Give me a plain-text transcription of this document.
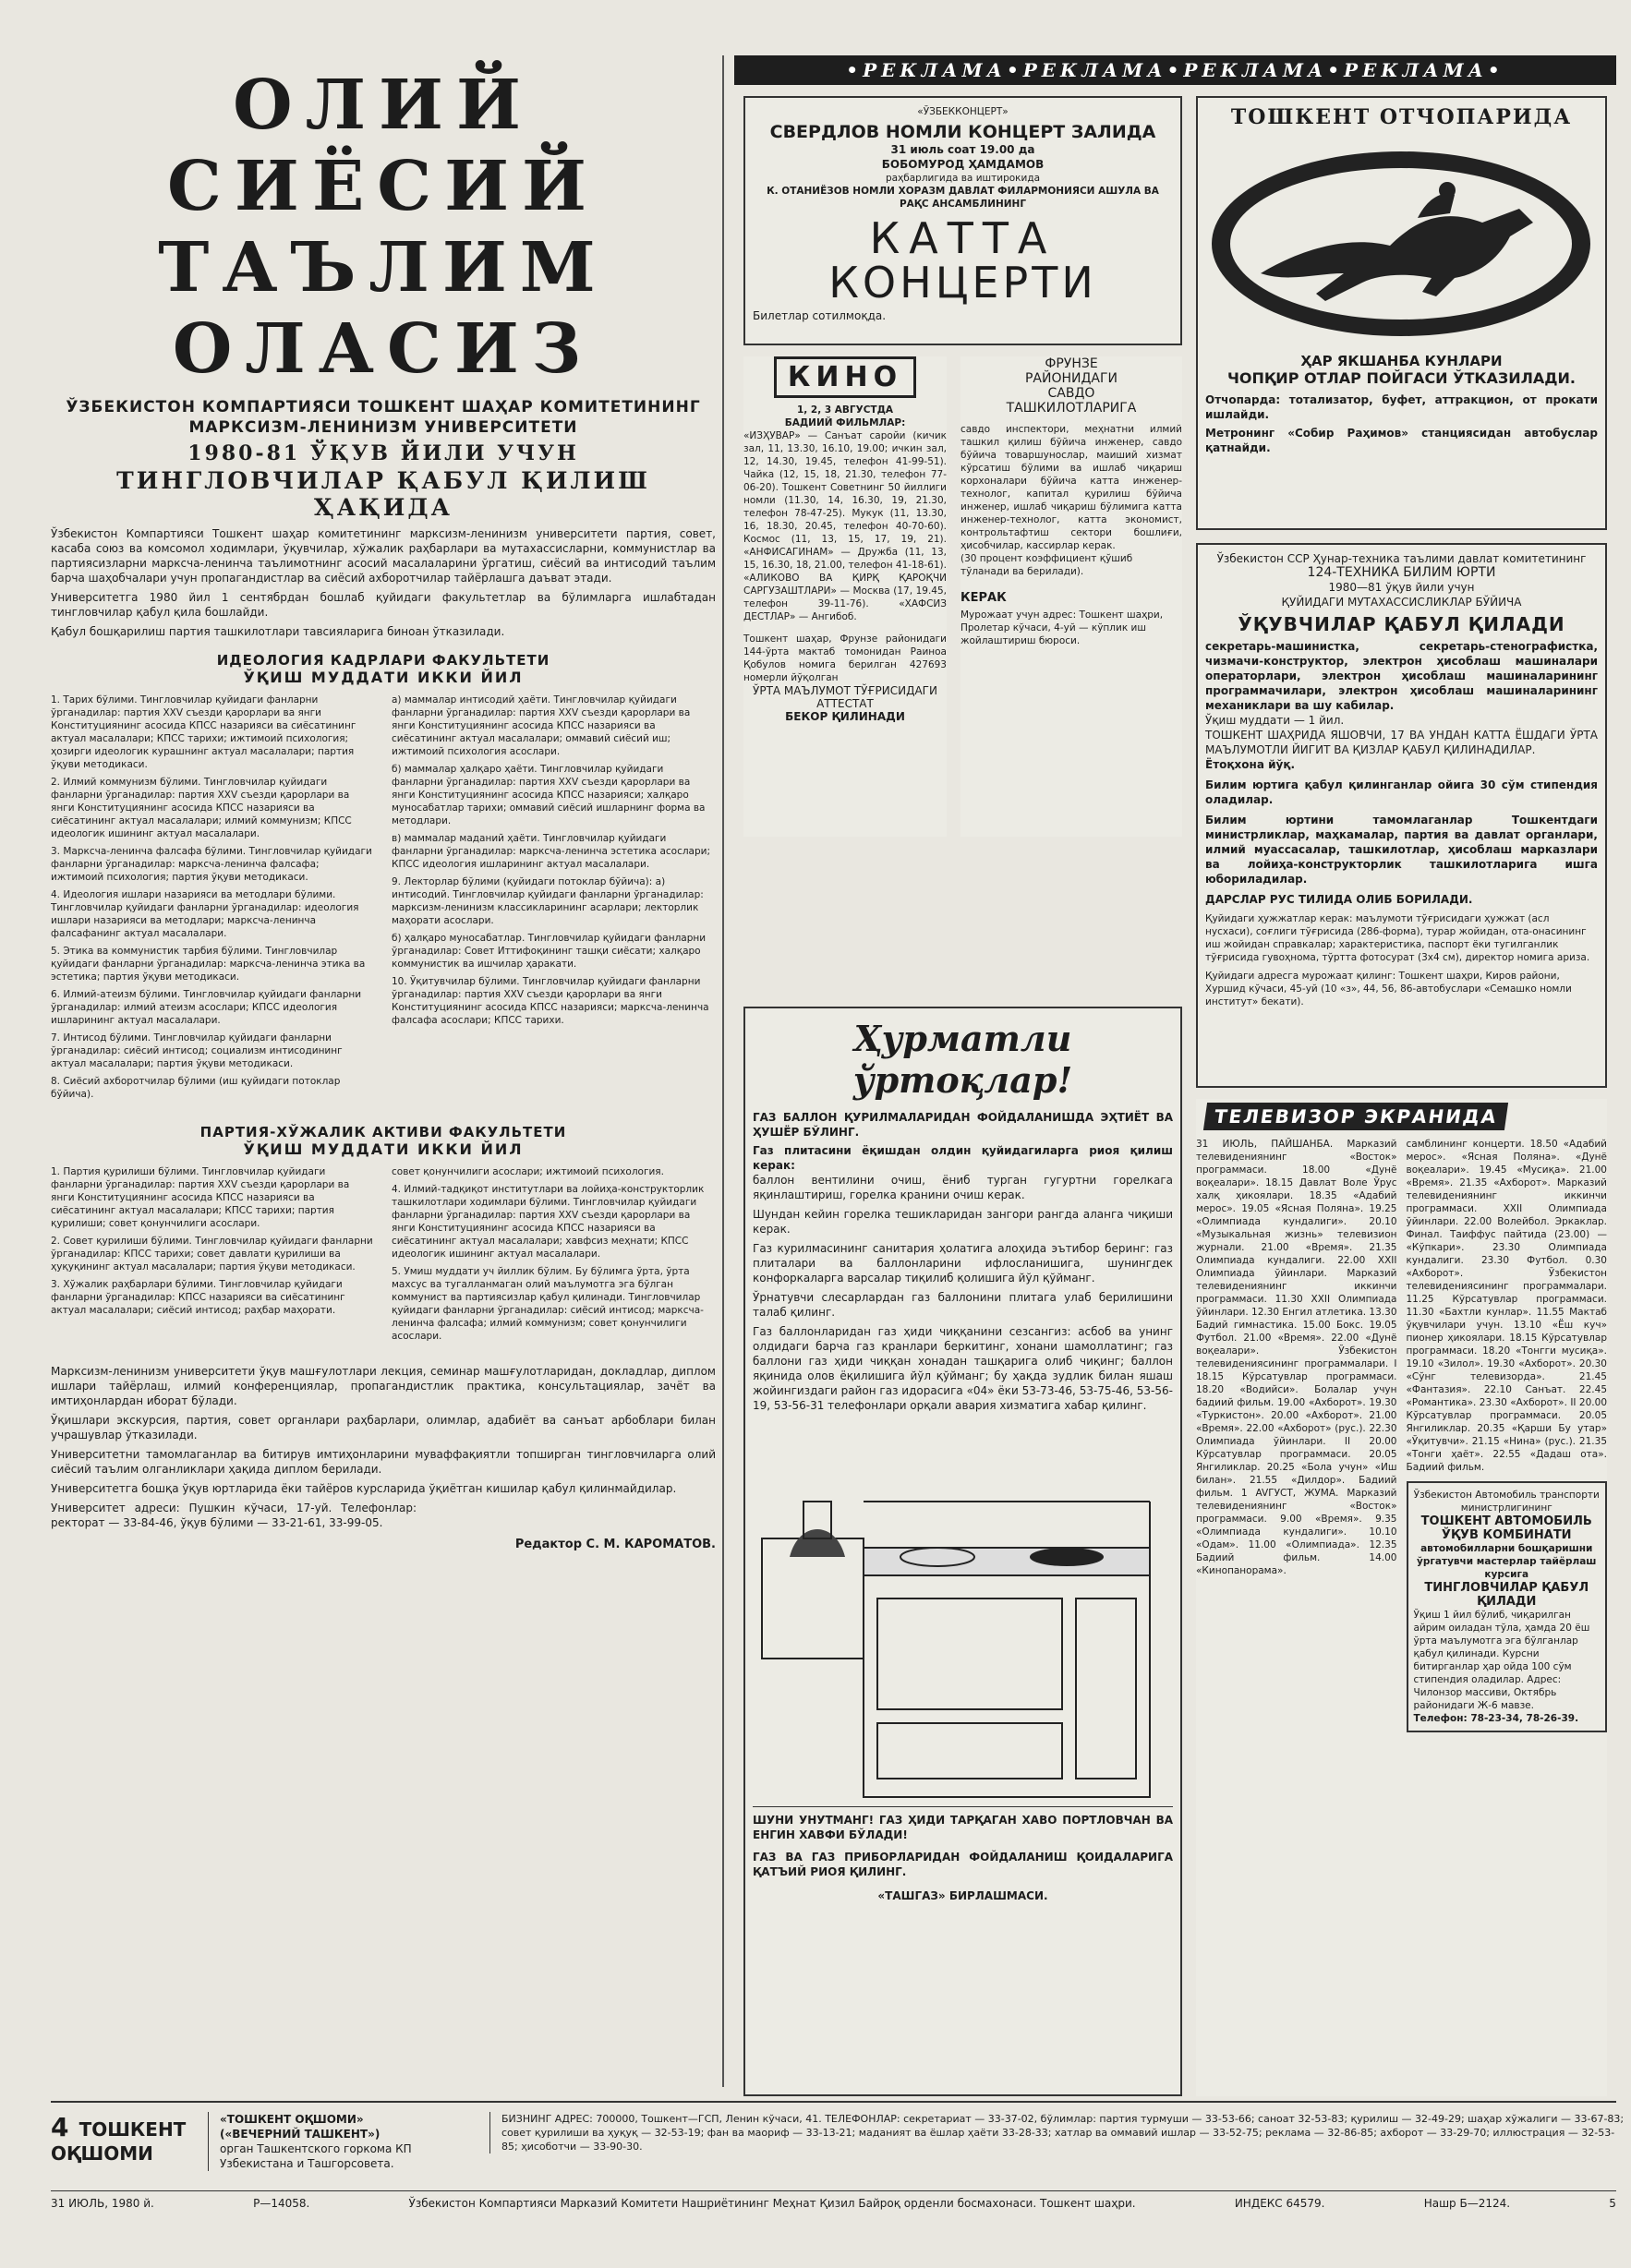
ОЛИЙ СИЁСИЙ
ТАЪЛИМ ОЛАСИЗ
ЎЗБЕКИСТОН КОМПАРТИЯСИ ТОШКЕНТ ШАҲАР КОМИТЕТИНИНГ
МАРКСИЗМ-ЛЕНИНИЗМ УНИВЕРСИТЕТИ
1980-81 ЎҚУВ ЙИЛИ УЧУН
ТИНГЛОВЧИЛАР ҚАБУЛ ҚИЛИШ ҲАҚИДА
Ўзбекистон Компартияси Тошкент шаҳар комитетининг марксизм-ленинизм университети партия, совет, касаба союз ва комсомол ходимлари, ўқувчилар, хўжалик раҳбарлари ва мутахассисларни, коммунистлар ва партиясизларни марксча-ленинча таълимотнинг асосий масалаларини ўргатиш, сиёсий ва интисодий таълим барча шаҳобчалари учун пропагандистлар ва сиёсий ахборотчилар тайёрлашга даъват этади.
Университетга 1980 йил 1 сентябрдан бошлаб қуйидаги факультетлар ва бўлимларга ишлабтадан тингловчилар қабул қила бошлайди.
Қабул бошқарилиш партия ташкилотлари тавсияларига биноан ўтказилади.
ИДЕОЛОГИЯ КАДРЛАРИ ФАКУЛЬТЕТИ
ЎҚИШ МУДДАТИ ИККИ ЙИЛ

1. Тарих бўлими. Тингловчилар қуйидаги фанларни ўрганадилар: партия XXV съезди қарорлари ва янги Конституциянинг асосида КПСС назарияси ва сиёсатининг актуал масалалари; КПСС тарихи; ижтимоий психология; ҳозирги идеологик курашнинг актуал масалалари; партия ўқуви методикаси.

2. Илмий коммунизм бўлими. Тингловчилар қуйидаги фанларни ўрганадилар: партия XXV съезди қарорлари ва янги Конституциянинг асосида КПСС назарияси ва сиёсатининг актуал масалалари; илмий коммунизм; КПСС идеологик ишининг актуал масалалари.

3. Марксча-ленинча фалсафа бўлими. Тингловчилар қуйидаги фанларни ўрганадилар: марксча-ленинча фалсафа; ижтимоий психология; партия ўқуви методикаси.

4. Идеология ишлари назарияси ва методлари бўлими. Тингловчилар қуйидаги фанларни ўрганадилар: идеология ишлари назарияси ва методлари; марксча-ленинча фалсафанинг актуал масалалари.

5. Этика ва коммунистик тарбия бўлими. Тингловчилар қуйидаги фанларни ўрганадилар: марксча-ленинча этика ва эстетика; партия ўқуви методикаси.

6. Илмий-атеизм бўлими. Тингловчилар қуйидаги фанларни ўрганадилар: илмий атеизм асослари; КПСС идеология ишларининг актуал масалалари.

7. Интисод бўлими. Тингловчилар қуйидаги фанларни ўрганадилар: сиёсий интисод; социализм интисодининг актуал масалалари; партия ўқуви методикаси.

8. Сиёсий ахборотчилар бўлими (иш қуйидаги потоклар бўйича).

а) маммалар интисодий ҳаёти. Тингловчилар қуйидаги фанларни ўрганадилар: партия XXV съезди қарорлари ва янги Конституциянинг асосида КПСС назарияси ва сиёсатининг актуал масалалари; оммавий сиёсий иш; ижтимоий психология асослари.

б) маммалар ҳалқаро ҳаёти. Тингловчилар қуйидаги фанларни ўрганадилар: партия XXV съезди қарорлари ва янги Конституциянинг асосида КПСС назарияси; халқаро муносабатлар тарихи; оммавий сиёсий ишларнинг форма ва методлари.

в) маммалар маданий ҳаёти. Тингловчилар қуйидаги фанларни ўрганадилар: марксча-ленинча эстетика асослари; КПСС идеология ишларининг актуал масалалари.

9. Лекторлар бўлими (қуйидаги потоклар бўйича): а) интисодий. Тингловчилар қуйидаги фанларни ўрганадилар: марксизм-ленинизм классикларининг асарлари; лекторлик маҳорати асослари.

б) ҳалқаро муносабатлар. Тингловчилар қуйидаги фанларни ўрганадилар: Совет Иттифоқининг ташқи сиёсати; халқаро коммунистик ва ишчилар ҳаракати.

10. Ўқитувчилар бўлими. Тингловчилар қуйидаги фанларни ўрганадилар: партия XXV съезди қарорлари ва янги Конституциянинг асосида КПСС назарияси; марксча-ленинча фалсафа асослари; КПСС тарихи.

ПАРТИЯ-ХЎЖАЛИК АКТИВИ ФАКУЛЬТЕТИ
ЎҚИШ МУДДАТИ ИККИ ЙИЛ

1. Партия қурилиши бўлими. Тингловчилар қуйидаги фанларни ўрганадилар: партия XXV съезди қарорлари ва янги Конституциянинг асосида КПСС назарияси ва сиёсатининг актуал масалалари; КПСС тарихи; партия қурилиши; совет қонунчилиги асослари.

2. Совет қурилиши бўлими. Тингловчилар қуйидаги фанларни ўрганадилар: КПСС тарихи; совет давлати қурилиши ва ҳуқуқининг актуал масалалари; партия ўқуви методикаси.

3. Хўжалик раҳбарлари бўлими. Тингловчилар қуйидаги фанларни ўрганадилар: КПСС назарияси ва сиёсатининг актуал масалалари; сиёсий интисод; раҳбар маҳорати.

совет қонунчилиги асослари; ижтимоий психология.

4. Илмий-тадқиқот институтлари ва лойиҳа-конструкторлик ташкилотлари ходимлари бўлими. Тингловчилар қуйидаги фанларни ўрганадилар: партия XXV съезди қарорлари ва янги Конституциянинг асосида КПСС назарияси ва сиёсатининг актуал масалалари; хавфсиз меҳнати; КПСС идеологик ишининг актуал масалалари.

5. Умиш муддати уч йиллик бўлим. Бу бўлимга ўрта, ўрта махсус ва тугалланмаган олий маълумотга эга бўлган коммунист ва партиясизлар қабул қилинади. Тингловчилар қуйидаги фанларни ўрганадилар: сиёсий интисод; марксча-ленинча фалсафа; илмий коммунизм; совет қонунчилиги асослари.

Марксизм-ленинизм университети ўқув машғулотлари лекция, семинар машғулотларидан, докладлар, диплом ишлари тайёрлаш, илмий конференциялар, пропагандистлик практика, консультациялар, зачёт ва имтиҳонлардан иборат бўлади.

Ўқишлари экскурсия, партия, совет органлари раҳбарлари, олимлар, адабиёт ва санъат арбоблари билан учрашувлар ўтказилади.

Университетни тамомлаганлар ва битирув имтиҳонларини муваффақиятли топширган тингловчиларга олий сиёсий таълим олганликлари ҳақида диплом берилади.

Университетга бошқа ўқув юртларида ёки тайёров курсларида ўқиётган кишилар қабул қилинмайдилар.

Университет адреси: Пушкин кўчаси, 17-уй. Телефонлар: ректорат — 33-84-46, ўқув бўлими — 33-21-61, 33-99-05.

Редактор С. М. КАРОМАТОВ.
•РЕКЛАМА•РЕКЛАМА•РЕКЛАМА•РЕКЛАМА•
«ЎЗБЕККОНЦЕРТ»
СВЕРДЛОВ НОМЛИ КОНЦЕРТ ЗАЛИДА
31 июль соат 19.00 да
БОБОМУРОД ҲАМДАМОВ
раҳбарлигида ва иштирокида
К. ОТАНИЁЗОВ НОМЛИ ХОРАЗМ ДАВЛАТ ФИЛАРМОНИЯСИ АШУЛА ВА РАҚС АНСАМБЛИНИНГ
КАТТА
КОНЦЕРТИ
Билетлар сотилмоқда.
ТОШКЕНТ ОТЧОПАРИДА
ҲАР ЯКШАНБА КУНЛАРИ
ЧОПҚИР ОТЛАР ПОЙГАСИ ЎТКАЗИЛАДИ.
Отчопарда: тотализатор, буфет, аттракцион, от прокати ишлайди.
Метронинг «Собир Раҳимов» станциясидан автобуслар қатнайди.
КИНО
1, 2, 3 АВГУСТДА
БАДИИЙ ФИЛЬМЛАР:
«ИЗҲУВАР» — Санъат саройи (кичик зал, 11, 13.30, 16.10, 19.00; ичкин зал, 12, 14.30, 19.45, телефон 41-99-51). Чайка (12, 15, 18, 21.30, телефон 77-06-20). Тошкент Советнинг 50 йиллиги номли (11.30, 14, 16.30, 19, 21.30, телефон 78-47-25). Мукук (11, 13.30, 16, 18.30, 20.45, телефон 40-70-60). Космос (11, 13, 15, 17, 19, 21). «АНФИСАГИНАМ» — Дружба (11, 13, 15, 16.30, 18, 21.00, телефон 41-18-61). «АЛИКОВО ВА ҚИРҚ ҚАРОҚЧИ САРГУЗАШТЛАРИ» — Москва (17, 19.45, телефон 39-11-76). «ХАФСИЗ ДЕСТЛАР» — Ангибоб.
Тошкент шаҳар, Фрунзе районидаги 144-ўрта мактаб томонидан Раиноа Қобулов номига берилган 427693 номерли йўқолган
ЎРТА МАЪЛУМОТ ТЎҒРИСИДАГИ АТТЕСТАТ
БЕКОР ҚИЛИНАДИ
ФРУНЗЕ
РАЙОНИДАГИ
САВДО
ТАШКИЛОТЛАРИГА
савдо инспектори, меҳнатни илмий ташкил қилиш бўйича инженер, савдо бўйича товаршунослар, маиший хизмат кўрсатиш бўлими ва ишлаб чиқариш корхоналари бўйича катта инженер-технолог, капитал қурилиш бўйича инженер, ишлаб чиқариш бўлимига катта инженер-технолог, катта экономист, контрольтафтиш сектори бошлиғи, ҳисобчилар, кассирлар керак.
(30 процент коэффициент қўшиб тўланади ва берилади).
КЕРАК
Мурожаат учун адрес: Тошкент шаҳри, Пролетар кўчаси, 4-уй — кўплик иш жойлаштириш бюроси.
Ўзбекистон ССР Ҳунар-техника таълими давлат комитетининг
124-ТЕХНИКА БИЛИМ ЮРТИ
1980—81 ўқув йили учун
ҚУЙИДАГИ МУТАХАССИСЛИКЛАР БЎЙИЧА
ЎҚУВЧИЛАР ҚАБУЛ ҚИЛАДИ
секретарь-машинистка, секретарь-стенографистка, чизмачи-конструктор, электрон ҳисоблаш машиналари операторлари, электрон ҳисоблаш машиналарининг программачилари, электрон ҳисоблаш машиналарининг механиклари ва шу кабилар.
Ўқиш муддати — 1 йил.
ТОШКЕНТ ШАҲРИДА ЯШОВЧИ, 17 ВА УНДАН КАТТА ЁШДАГИ ЎРТА МАЪЛУМОТЛИ ЙИГИТ ВА ҚИЗЛАР ҚАБУЛ ҚИЛИНАДИЛАР.
Ётоқхона йўқ.
Билим юртига қабул қилинганлар ойига 30 сўм стипендия оладилар.
Билим юртини тамомлаганлар Тошкентдаги министрликлар, маҳкамалар, партия ва давлат органлари, илмий муассасалар, ташкилотлар, ҳисоблаш марказлари ва лойиҳа-конструкторлик ташкилотларига ишга юбориладилар.
ДАРСЛАР РУС ТИЛИДА ОЛИБ БОРИЛАДИ.
Қуйидаги ҳужжатлар керак: маълумоти тўғрисидаги ҳужжат (асл нусхаси), соғлиги тўғрисида (286-форма), турар жойидан, ота-онасининг иш жойидан справкалар; характеристика, паспорт ёки тугилганлик тўғрисида гувоҳнома, тўртта фотосурат (3x4 см), директор номига ариза.
Қуйидаги адресга мурожаат қилинг: Тошкент шаҳри, Киров райони, Хуршид кўчаси, 45-уй (10 «з», 44, 56, 86-автобуслари «Семашко номли институт» бекати).
Ҳурматли ўртоқлар!
ГАЗ БАЛЛОН ҚУРИЛМАЛАРИДАН ФОЙДАЛАНИШДА ЭҲТИЁТ ВА ҲУШЁР БЎЛИНГ.
Газ плитасини ёқишдан олдин қуйидагиларга риоя қилиш керак:

баллон вентилини очиш, ёниб турган гугуртни горелкага яқинлаштириш, горелка кранини очиш керак.

Шундан кейин горелка тешикларидан зангори рангда аланга чиқиши керак.

Газ курилмасининг санитария ҳолатига алоҳида эътибор беринг: газ плиталари ва баллонларини ифлосланишига, шунингдек конфоркаларга варсалар тиқилиб қолишига йўл қўйманг.

Ўрнатувчи слесарлардан газ баллонини плитага улаб берилишини талаб қилинг.

Газ баллонларидан газ ҳиди чиққанини сезсангиз: асбоб ва унинг олдидаги барча газ кранлари беркитинг, хонани шамоллатинг; газ баллони газ ҳиди чиққан хонадан ташқарига олиб чиқинг; баллон яқинида олов ёқилишига йўл қўйманг; бу ҳақда зудлик билан яшаш жойингиздаги район газ идорасига «04» ёки 53-73-46, 53-75-46, 53-56-19, 53-56-31 телефонлари орқали авария хизматига хабар қилинг.

ШУНИ УНУТМАНГ! ГАЗ ҲИДИ ТАРҚАГАН ХАВО ПОРТЛОВЧАН ВА ЕНГИН ХАВФИ БЎЛАДИ!
ГАЗ ВА ГАЗ ПРИБОРЛАРИДАН ФОЙДАЛАНИШ ҚОИДАЛАРИГА ҚАТЪИЙ РИОЯ ҚИЛИНГ.
«ТАШГАЗ» БИРЛАШМАСИ.
ТЕЛЕВИЗОР ЭКРАНИДА
31 ИЮЛЬ, ПАЙШАНБА. Марказий телевидениянинг «Восток» программаси. 18.00 «Дунё воқеалари». 18.15 Давлат Воле Ўрус халқ ҳикоялари. 18.35 «Адабий мерос». 19.05 «Ясная Поляна». 19.25 «Олимпиада кундалиги». 20.10 «Музыкальная жизнь» телевизион журнали. 21.00 «Время». 21.35 Олимпиада кундалиги. 22.00 XXII Олимпиада ўйинлари. Марказий телевидениянинг иккинчи программаси. 11.30 XXII Олимпиада ўйинлари. 12.30 Енгил атлетика. 13.30 Бадий гимнастика. 15.00 Бокс. 19.05 Футбол. 21.00 «Время». 22.00 «Дунё воқеалари». Ўзбекистон телевидениясининг программалари. I 18.15 Кўрсатувлар программаси. 18.20 «Водийси». Болалар учун бадиий фильм. 19.00 «Ахборот». 19.30 «Туркистон». 20.00 «Ахборот». 21.00 «Время». 22.00 «Ахборот» (рус.). 22.30 Олимпиада ўйинлари. II 20.00 Кўрсатувлар программаси. 20.05 Янгиликлар. 20.25 «Бола учун» «Иш билан». 21.55 «Дилдор». Бадиий фильм. 1 AVГУСТ, ЖУМА. Марказий телевидениянинг «Восток» программаси. 9.00 «Время». 9.35 «Олимпиада кундалиги». 10.10 «Одам». 11.00 «Олимпиада». 12.35 Бадиий фильм. 14.00 «Кинопанорама».
самблининг концерти. 18.50 «Адабий мерос». «Ясная Поляна». «Дунё воқеалари». 19.45 «Мусиқа». 21.00 «Время». 21.35 «Ахборот». Марказий телевидениянинг иккинчи программаси. XXII Олимпиада ўйинлари. 22.00 Волейбол. Эркаклар. Финал. Таиффус пайтида (23.00) — «Кўпкари». 23.30 Олимпиада кундалиги. 23.30 Футбол. 0.30 «Ахборот». Ўзбекистон телевидениясининг программалари. 11.25 Кўрсатувлар программаси. 11.30 «Бахтли кунлар». 11.55 Мактаб ўқувчилари учун. 13.10 «Ёш куч» пионер ҳикоялари. 18.15 Кўрсатувлар программаси. 18.20 «Тонгги мусиқа». 19.10 «Зилол». 19.30 «Ахборот». 20.30 «Сўнг телевизорда». 21.45 «Фантазия». 22.10 Санъат. 22.45 «Романтика». 23.30 «Ахборот». II 20.00 Кўрсатувлар программаси. 20.05 Янгиликлар. 20.35 «Қарши Бу утар» «Ўқитувчи». 21.15 «Нина» (рус.). 21.35 «Тонги ҳаёт». 22.55 «Дадаш ота». Бадиий фильм.
Ўзбекистон Автомобиль транспорти министрлигининг
ТОШКЕНТ АВТОМОБИЛЬ ЎҚУВ КОМБИНАТИ
автомобилларни бошқаришни ўргатувчи мастерлар тайёрлаш курсига
ТИНГЛОВЧИЛАР ҚАБУЛ ҚИЛАДИ
Ўқиш 1 йил бўлиб, чиқарилган айрим оиладан тўла, ҳамда 20 ёш ўрта маълумотга эга бўлганлар қабул қилинади. Курсни битирганлар ҳар ойда 100 сўм стипендия оладилар. Адрес: Чилонзор массиви, Октябрь районидаги Ж-6 мавзе.
Телефон: 78-23-34, 78-26-39.
4 ТОШКЕНТ ОҚШОМИ
«ТОШКЕНТ ОҚШОМИ»
(«ВЕЧЕРНИЙ ТАШКЕНТ»)
орган Ташкентского горкома КП Узбекистана и Ташгорсовета.
БИЗНИНГ АДРЕС: 700000, Тошкент—ГСП, Ленин кўчаси, 41. ТЕЛЕФОНЛАР: секретариат — 33-37-02, бўлимлар: партия турмуши — 33-53-66; саноат 32-53-83; қурилиш — 32-49-29; шаҳар хўжалиги — 33-67-83; совет қурилиши ва ҳуқуқ — 32-53-19; фан ва маориф — 33-13-21; маданият ва ёшлар ҳаёти 33-28-33; хатлар ва оммавий ишлар — 33-52-75; реклама — 32-86-85; ахборот — 33-29-70; иллюстрация — 32-53-85; ҳисоботчи — 33-90-30.
31 ИЮЛЬ, 1980 й.	Р—14058.	Ўзбекистон Компартияси Марказий Комитети Нашриётининг Меҳнат Қизил Байроқ орденли босмахонаси. Тошкент шаҳри.	ИНДЕКС 64579.	Нашр Б—2124.	5
